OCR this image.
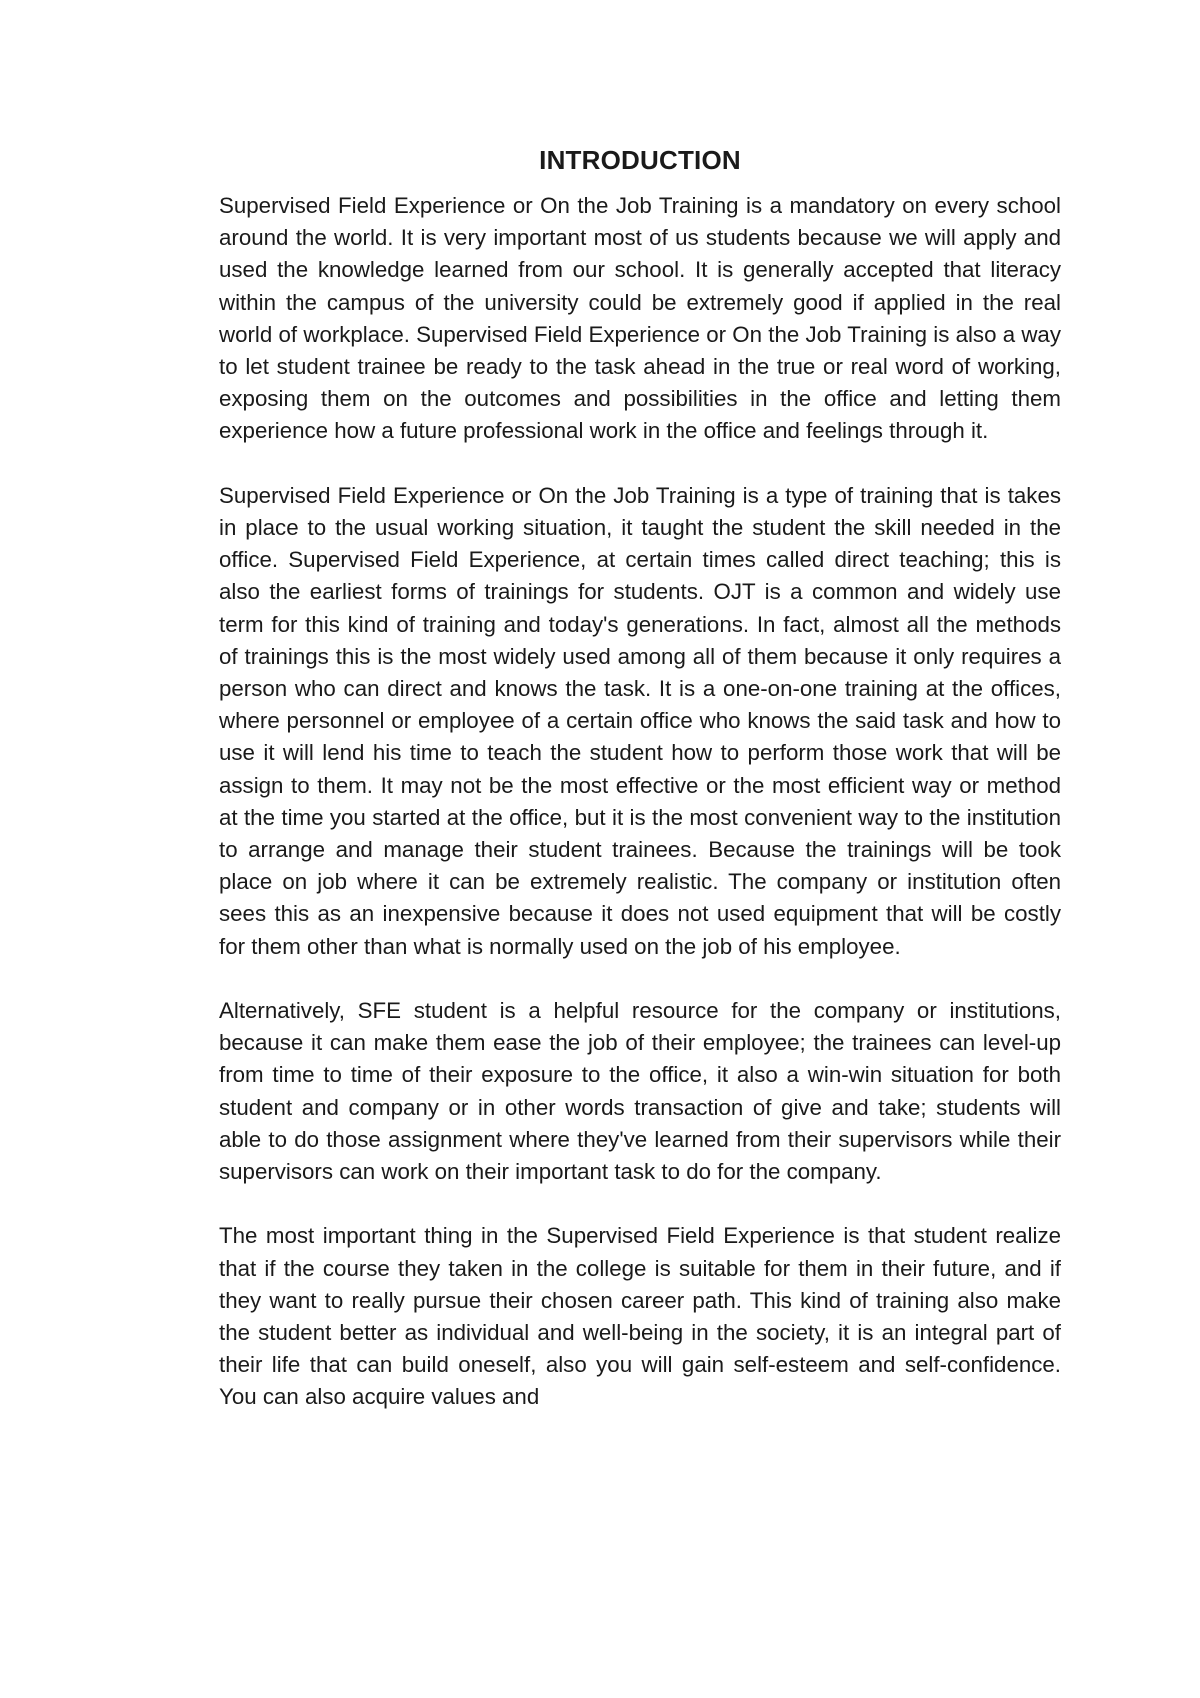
INTRODUCTION

Supervised Field Experience or On the Job Training is a mandatory on every school around the world. It is very important most of us students because we will apply and used the knowledge learned from our school. It is generally accepted that literacy within the campus of the university could be extremely good if applied in the real world of workplace. Supervised Field Experience or On the Job Training is also a way to let student trainee be ready to the task ahead in the true or real word of working, exposing them on the outcomes and possibilities in the office and letting them experience how a future professional work in the office and feelings through it.

Supervised Field Experience or On the Job Training is a type of training that is takes in place to the usual working situation, it taught the student the skill needed in the office. Supervised Field Experience, at certain times called direct teaching; this is also the earliest forms of trainings for students. OJT is a common and widely use term for this kind of training and today's generations. In fact, almost all the methods of trainings this is the most widely used among all of them because it only requires a person who can direct and knows the task. It is a one-on-one training at the offices, where personnel or employee of a certain office who knows the said task and how to use it will lend his time to teach the student how to perform those work that will be assign to them. It may not be the most effective or the most efficient way or method at the time you started at the office, but it is the most convenient way to the institution to arrange and manage their student trainees. Because the trainings will be took place on job where it can be extremely realistic. The company or institution often sees this as an inexpensive because it does not used equipment that will be costly for them other than what is normally used on the job of his employee.

Alternatively, SFE student is a helpful resource for the company or institutions, because it can make them ease the job of their employee; the trainees can level-up from time to time of their exposure to the office, it also a win-win situation for both student and company or in other words transaction of give and take; students will able to do those assignment where they've learned from their supervisors while their supervisors can work on their important task to do for the company.

The most important thing in the Supervised Field Experience is that student realize that if the course they taken in the college is suitable for them in their future, and if they want to really pursue their chosen career path. This kind of training also make the student better as individual and well-being in the society, it is an integral part of their life that can build oneself, also you will gain self-esteem and self-confidence. You can also acquire values and
